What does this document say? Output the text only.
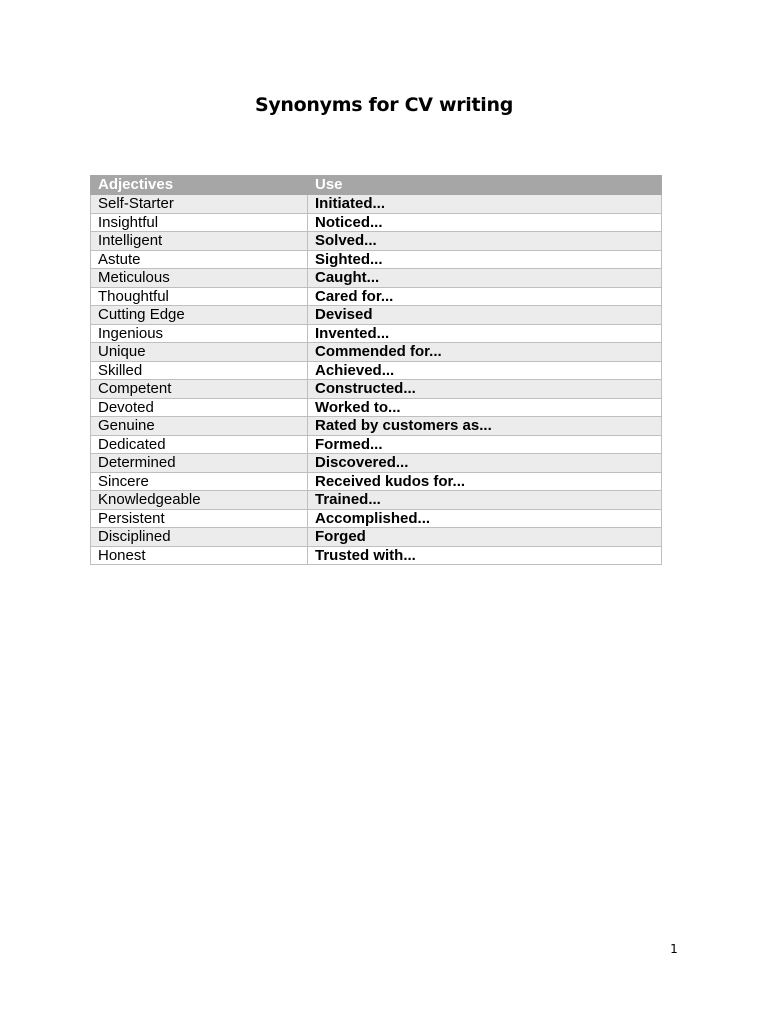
Synonyms for CV writing
Adjectives	Use
Self-Starter	Initiated...
Insightful	Noticed...
Intelligent	Solved...
Astute	Sighted...
Meticulous	Caught...
Thoughtful	Cared for...
Cutting Edge	Devised
Ingenious	Invented...
Unique	Commended for...
Skilled	Achieved...
Competent	Constructed...
Devoted	Worked to...
Genuine	Rated by customers as...
Dedicated	Formed...
Determined	Discovered...
Sincere	Received kudos for...
Knowledgeable	Trained...
Persistent	Accomplished...
Disciplined	Forged
Honest	Trusted with...
1
